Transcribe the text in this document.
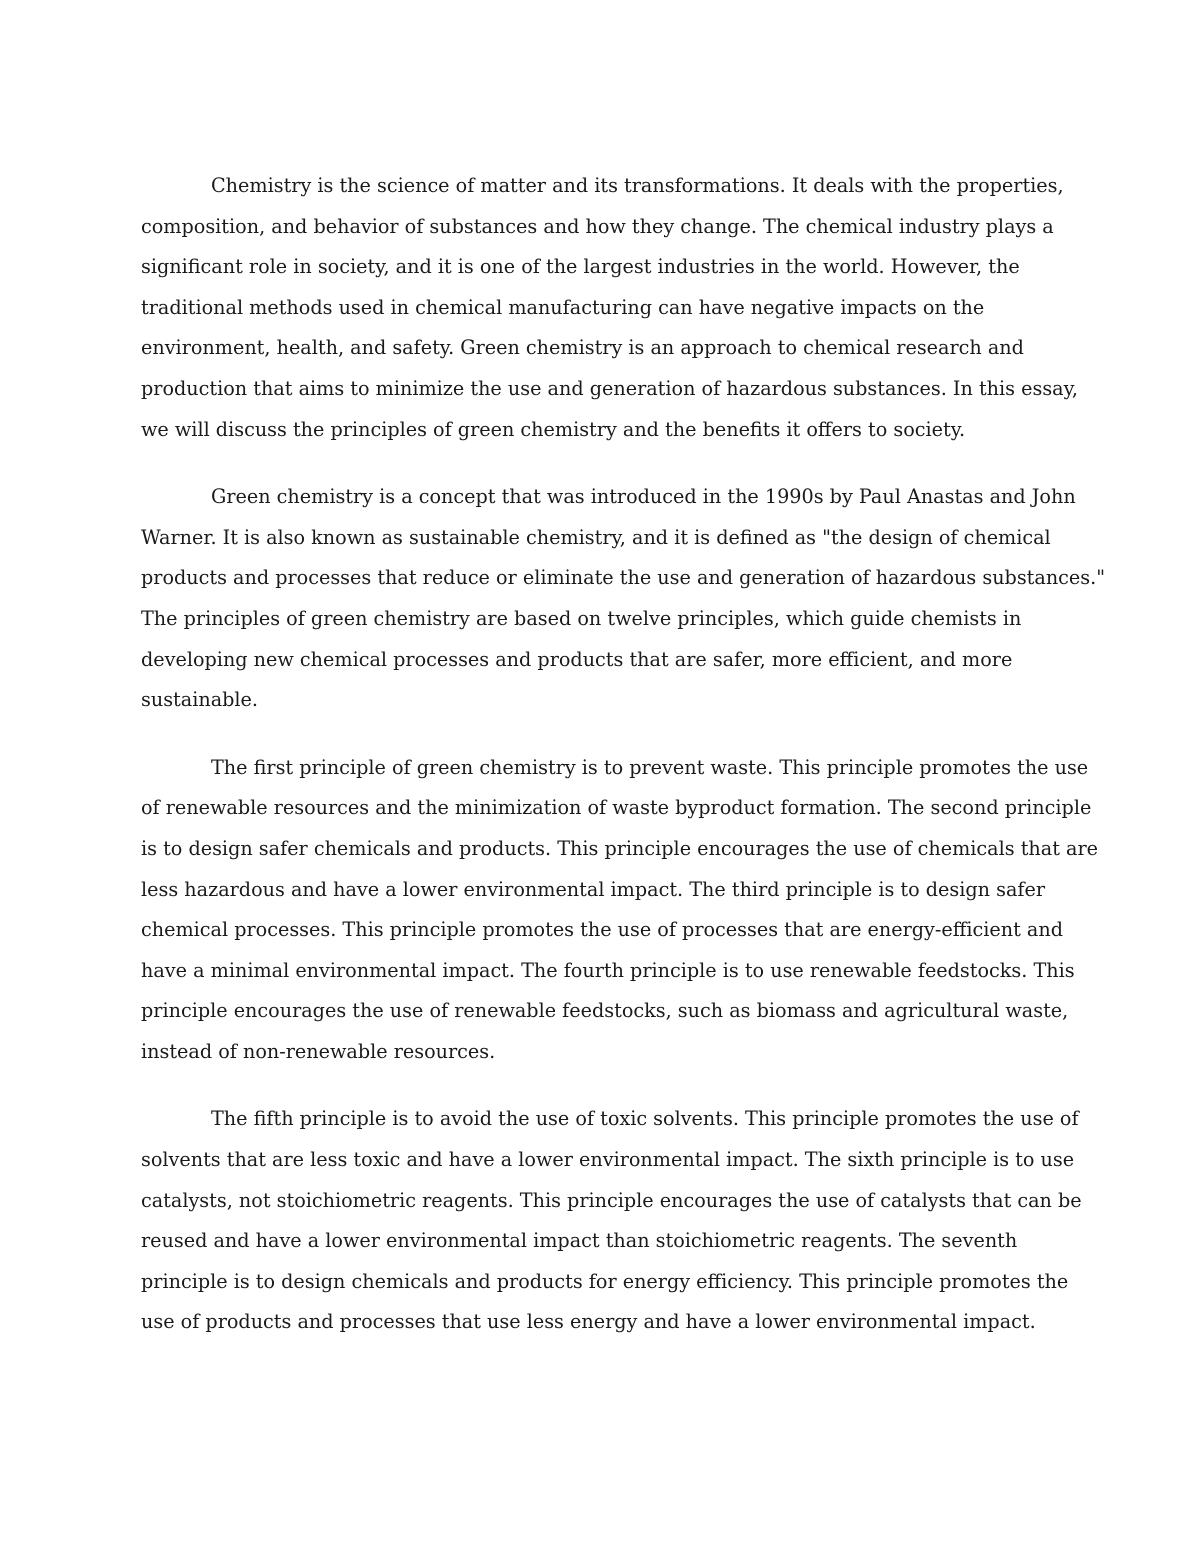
Chemistry is the science of matter and its transformations. It deals with the properties,
composition, and behavior of substances and how they change. The chemical industry plays a
significant role in society, and it is one of the largest industries in the world. However, the
traditional methods used in chemical manufacturing can have negative impacts on the
environment, health, and safety. Green chemistry is an approach to chemical research and
production that aims to minimize the use and generation of hazardous substances. In this essay,
we will discuss the principles of green chemistry and the benefits it offers to society.

Green chemistry is a concept that was introduced in the 1990s by Paul Anastas and John
Warner. It is also known as sustainable chemistry, and it is defined as "the design of chemical
products and processes that reduce or eliminate the use and generation of hazardous substances."
The principles of green chemistry are based on twelve principles, which guide chemists in
developing new chemical processes and products that are safer, more efficient, and more
sustainable.

The first principle of green chemistry is to prevent waste. This principle promotes the use
of renewable resources and the minimization of waste byproduct formation. The second principle
is to design safer chemicals and products. This principle encourages the use of chemicals that are
less hazardous and have a lower environmental impact. The third principle is to design safer
chemical processes. This principle promotes the use of processes that are energy-efficient and
have a minimal environmental impact. The fourth principle is to use renewable feedstocks. This
principle encourages the use of renewable feedstocks, such as biomass and agricultural waste,
instead of non-renewable resources.

The fifth principle is to avoid the use of toxic solvents. This principle promotes the use of
solvents that are less toxic and have a lower environmental impact. The sixth principle is to use
catalysts, not stoichiometric reagents. This principle encourages the use of catalysts that can be
reused and have a lower environmental impact than stoichiometric reagents. The seventh
principle is to design chemicals and products for energy efficiency. This principle promotes the
use of products and processes that use less energy and have a lower environmental impact.
